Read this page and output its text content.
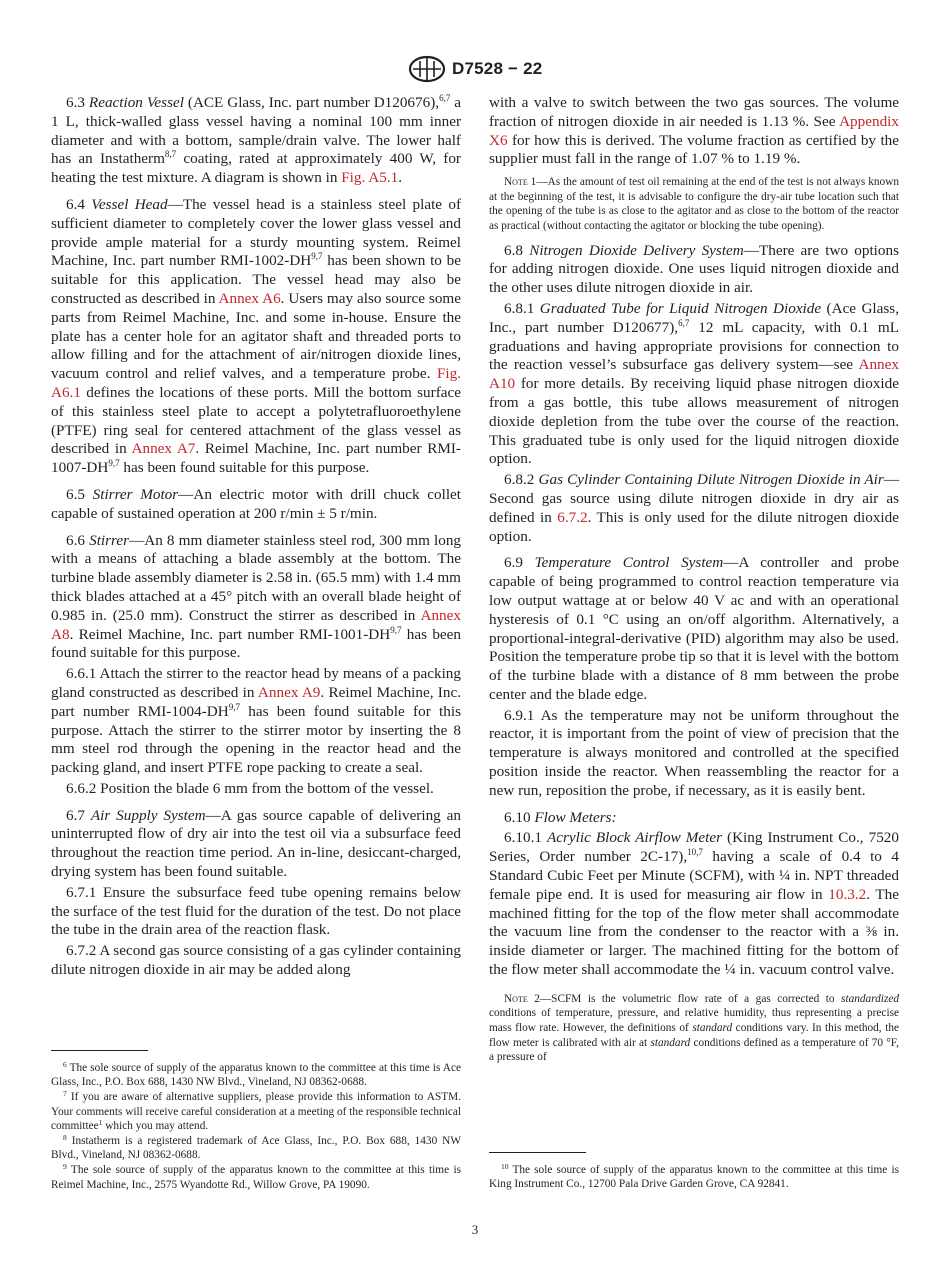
D7528 − 22

6.3 Reaction Vessel (ACE Glass, Inc. part number D120676),$^{6,7}$ a 1 L, thick-walled glass vessel having a nominal 100 mm inner diameter and with a bottom, sample/drain valve. The lower half has an Instatherm$^{8,7}$ coating, rated at approximately 400 W, for heating the test mixture. A diagram is shown in Fig. A5.1.

6.4 Vessel Head—The vessel head is a stainless steel plate of sufficient diameter to completely cover the lower glass vessel and provide ample material for a sturdy mounting system. Reimel Machine, Inc. part number RMI-1002-DH$^{9,7}$ has been shown to be suitable for this application. The vessel head may also be constructed as described in Annex A6. Users may also source some parts from Reimel Machine, Inc. and some in-house. Ensure the plate has a center hole for an agitator shaft and threaded ports to allow filling and for the attachment of air/nitrogen dioxide lines, vacuum control and relief valves, and a temperature probe. Fig. A6.1 defines the locations of these ports. Mill the bottom surface of this stainless steel plate to accept a polytetrafluoroethylene (PTFE) ring seal for centered attachment of the glass vessel as described in Annex A7. Reimel Machine, Inc. part number RMI-1007-DH$^{9,7}$ has been found suitable for this purpose.

6.5 Stirrer Motor—An electric motor with drill chuck collet capable of sustained operation at 200 r/min ± 5 r/min.

6.6 Stirrer—An 8 mm diameter stainless steel rod, 300 mm long with a means of attaching a blade assembly at the bottom. The turbine blade assembly diameter is 2.58 in. (65.5 mm) with 1.4 mm thick blades attached at a 45° pitch with an overall blade height of 0.985 in. (25.0 mm). Construct the stirrer as described in Annex A8. Reimel Machine, Inc. part number RMI-1001-DH$^{9,7}$ has been found suitable for this purpose.

6.6.1 Attach the stirrer to the reactor head by means of a packing gland constructed as described in Annex A9. Reimel Machine, Inc. part number RMI-1004-DH$^{9,7}$ has been found suitable for this purpose. Attach the stirrer to the stirrer motor by inserting the 8 mm steel rod through the opening in the reactor head and the packing gland, and insert PTFE rope packing to create a seal.

6.6.2 Position the blade 6 mm from the bottom of the vessel.

6.7 Air Supply System—A gas source capable of delivering an uninterrupted flow of dry air into the test oil via a subsurface feed throughout the reaction time period. An in-line, desiccant-charged, drying system has been found suitable.

6.7.1 Ensure the subsurface feed tube opening remains below the surface of the test fluid for the duration of the test. Do not place the tube in the drain area of the reaction flask.

6.7.2 A second gas source consisting of a gas cylinder containing dilute nitrogen dioxide in air may be added along

with a valve to switch between the two gas sources. The volume fraction of nitrogen dioxide in air needed is 1.13 %. See Appendix X6 for how this is derived. The volume fraction as certified by the supplier must fall in the range of 1.07 % to 1.19 %.

Note 1—As the amount of test oil remaining at the end of the test is not always known at the beginning of the test, it is advisable to configure the dry-air tube location such that the opening of the tube is as close to the agitator and as close to the bottom of the reactor as practical (without contacting the agitator or blocking the tube opening).

6.8 Nitrogen Dioxide Delivery System—There are two options for adding nitrogen dioxide. One uses liquid nitrogen dioxide and the other uses dilute nitrogen dioxide in air.

6.8.1 Graduated Tube for Liquid Nitrogen Dioxide (Ace Glass, Inc., part number D120677),$^{6,7}$ 12 mL capacity, with 0.1 mL graduations and having appropriate provisions for connection to the reaction vessel’s subsurface gas delivery system—see Annex A10 for more details. By receiving liquid phase nitrogen dioxide from a gas bottle, this tube allows measurement of nitrogen dioxide depletion from the tube over the course of the reaction. This graduated tube is only used for the liquid nitrogen dioxide option.

6.8.2 Gas Cylinder Containing Dilute Nitrogen Dioxide in Air—Second gas source using dilute nitrogen dioxide in dry air as defined in 6.7.2. This is only used for the dilute nitrogen dioxide option.

6.9 Temperature Control System—A controller and probe capable of being programmed to control reaction temperature via low output wattage at or below 40 V ac and with an operational hysteresis of 0.1 °C using an on/off algorithm. Alternatively, a proportional-integral-derivative (PID) algorithm may also be used. Position the temperature probe tip so that it is level with the bottom of the turbine blade with a distance of 8 mm between the probe center and the blade edge.

6.9.1 As the temperature may not be uniform throughout the reactor, it is important from the point of view of precision that the temperature is always monitored and controlled at the specified position inside the reactor. When reassembling the reactor for a new run, reposition the probe, if necessary, as it is easily bent.

6.10 Flow Meters:

6.10.1 Acrylic Block Airflow Meter (King Instrument Co., 7520 Series, Order number 2C-17),$^{10,7}$ having a scale of 0.4 to 4 Standard Cubic Feet per Minute (SCFM), with ¼ in. NPT threaded female pipe end. It is used for measuring air flow in 10.3.2. The machined fitting for the top of the flow meter shall accommodate the vacuum line from the condenser to the reactor with a ⅜ in. inside diameter or larger. The machined fitting for the bottom of the flow meter shall accommodate the ¼ in. vacuum control valve.

Note 2—SCFM is the volumetric flow rate of a gas corrected to standardized conditions of temperature, pressure, and relative humidity, thus representing a precise mass flow rate. However, the definitions of standard conditions vary. In this method, the flow meter is calibrated with air at standard conditions defined as a temperature of 70 °F, a pressure of

$^6$ The sole source of supply of the apparatus known to the committee at this time is Ace Glass, Inc., P.O. Box 688, 1430 NW Blvd., Vineland, NJ 08362-0688.

$^7$ If you are aware of alternative suppliers, please provide this information to ASTM. Your comments will receive careful consideration at a meeting of the responsible technical committee$^1$ which you may attend.

$^8$ Instatherm is a registered trademark of Ace Glass, Inc., P.O. Box 688, 1430 NW Blvd., Vineland, NJ 08362-0688.

$^9$ The sole source of supply of the apparatus known to the committee at this time is Reimel Machine, Inc., 2575 Wyandotte Rd., Willow Grove, PA 19090.

$^{10}$ The sole source of supply of the apparatus known to the committee at this time is King Instrument Co., 12700 Pala Drive Garden Grove, CA 92841.

3
